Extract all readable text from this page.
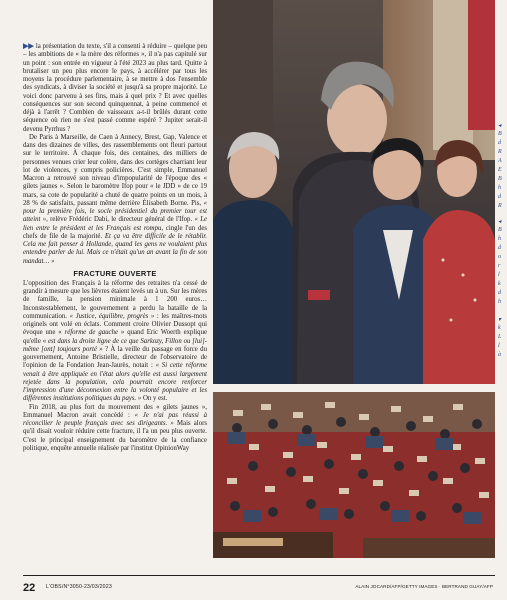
▶▶ la présentation du texte, s'il a consenti à réduire – quelque peu – les ambitions de « la mère des réformes », il n'a pas capitulé sur un point : son entrée en vigueur à l'été 2023 au plus tard. Quitte à brutaliser un peu plus encore le pays, à accélérer par tous les moyens la procédure parlementaire, à se mettre à dos l'ensemble des syndicats, à diviser la société et jusqu'à sa propre majorité. Le voici donc parvenu à ses fins, mais à quel prix ? Et avec quelles conséquences sur son second quinquennat, à peine commencé et déjà à l'arrêt ? Combien de vaisseaux a-t-il brûlés durant cette séquence où rien ne s'est passé comme espéré ? Jupiter serait-il devenu Pyrrhus ?

De Paris à Marseille, de Caen à Annecy, Brest, Gap, Valence et dans des dizaines de villes, des rassemblements ont fleuri partout sur le territoire. À chaque fois, des centaines, des milliers de personnes venues crier leur colère, dans des cortèges charriant leur lot de violences, y compris policières. C'est simple, Emmanuel Macron a retrouvé son niveau d'impopularité de l'époque des « gilets jaunes ». Selon le baromètre Ifop pour « le JDD » de ce 19 mars, sa cote de popularité a chuté de quatre points en un mois, à 28 % de satisfaits, passant même derrière Élisabeth Borne. Pis, « pour la première fois, le socle présidentiel du premier tour est atteint », relève Frédéric Dabi, le directeur général de l'Ifop. « Le lien entre le président et les Français est rompu, cingle l'un des chefs de file de la majorité. Et ça va être difficile de le rétablir. Cela me fait penser à Hollande, quand les gens ne voulaient plus entendre parler de lui. Mais ce n'était qu'un an avant la fin de son mandat… »

FRACTURE OUVERTE

L'opposition des Français à la réforme des retraites n'a cessé de grandir à mesure que les lièvres étaient levés un à un. Sur les mères de famille, la pension minimale à 1 200 euros… Inconstestablement, le gouvernement a perdu la bataille de la communication. « Justice, équilibre, progrès » : les maîtres-mots originels ont volé en éclats. Comment croire Olivier Dussopt qui évoque une « réforme de gauche » quand Eric Woerth explique qu'elle « est dans la droite ligne de ce que Sarkozy, Fillon ou [lui]-même [ont] toujours porté » ? À la veille du passage en force du gouvernement, Antoine Bristielle, directeur de l'observatoire de l'opinion de la Fondation Jean-Jaurès, notait : « Si cette réforme venait à être appliquée en l'état alors qu'elle est aussi largement rejetée dans la population, cela pourrait encore renforcer l'impression d'une déconnexion entre la volonté populaire et les différentes institutions politiques du pays. » On y est.

Fin 2018, au plus fort du mouvement des « gilets jaunes », Emmanuel Macron avait concédé : « Je n'ai pas réussi à réconcilier le peuple français avec ses dirigeants. » Mais alors qu'il disait vouloir réduire cette fracture, il l'a un peu plus ouverte. C'est le principal enseignement du baromètre de la confiance politique, enquête annuelle réalisée par l'institut OpinionWay

◂
B
d
R
A
E
B
h
d
R
◂
B
h
d
o
r
l
k
d
h
▾
k
L
l
à
22 L'OBS/N°3050-23/03/2023	ALAIN JOCARD/AFP/GETTY IMAGES · BERTRAND GUAY/AFP
